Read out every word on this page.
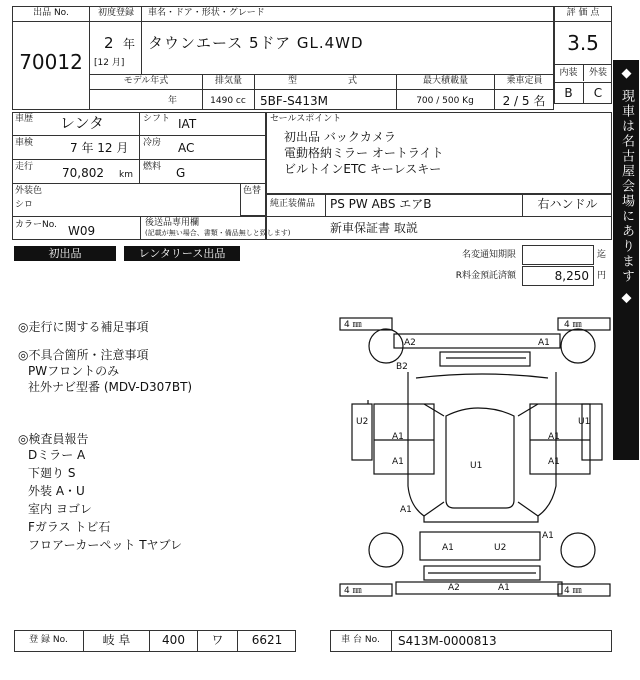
出品 No.
70012
初度登録
2 年
[12 月]
車名・ドア・形状・グレード
タウンエース 5ドア GL.4WD
モデル年式	排気量	型	式	最大積載量	乗車定員
年	1490 cc	5BF-S413M	700 / 500 Kg	2 / 5 名
評 価 点
3.5
内装	外装
B	C
車歴 レンタ	シフト IAT
車検	7 年 12 月 冷房 AC
走行 70,802 km
燃料 G
外装色
シロ
色替
カラーNo. W09
後送品専用欄
(記載が無い場合、書類・備品無しと致します)
セールスポイント
初出品 バックカメラ
電動格納ミラー オートライト
ビルトインETC キーレスキー
純正装備品	PS PW ABS エアB	右ハンドル
新車保証書 取説
初出品	レンタリース出品	名変通知期限	迄
R料金預託済額	8,250 円
◎走行に関する補足事項
◎不具合箇所・注意事項
PWフロントのみ
社外ナビ型番 (MDV-D307BT)
◎検査員報告
Dミラー A
下廻り S
外装 A・U
室内 ヨゴレ
Fガラス トビ石
フロアーカーペット Tヤブレ
4 ㎜	4 ㎜
4 ㎜	4 ㎜
A2	A1
B2
U2	U1
A1	A1
A1	A1
U1
A1
A1
U2
A2	A1
A1
◆ 現車は名古屋会場にあります ◆
登 録 No.	岐 阜	400	ワ	6621	車 台 No.	S413M-0000813
